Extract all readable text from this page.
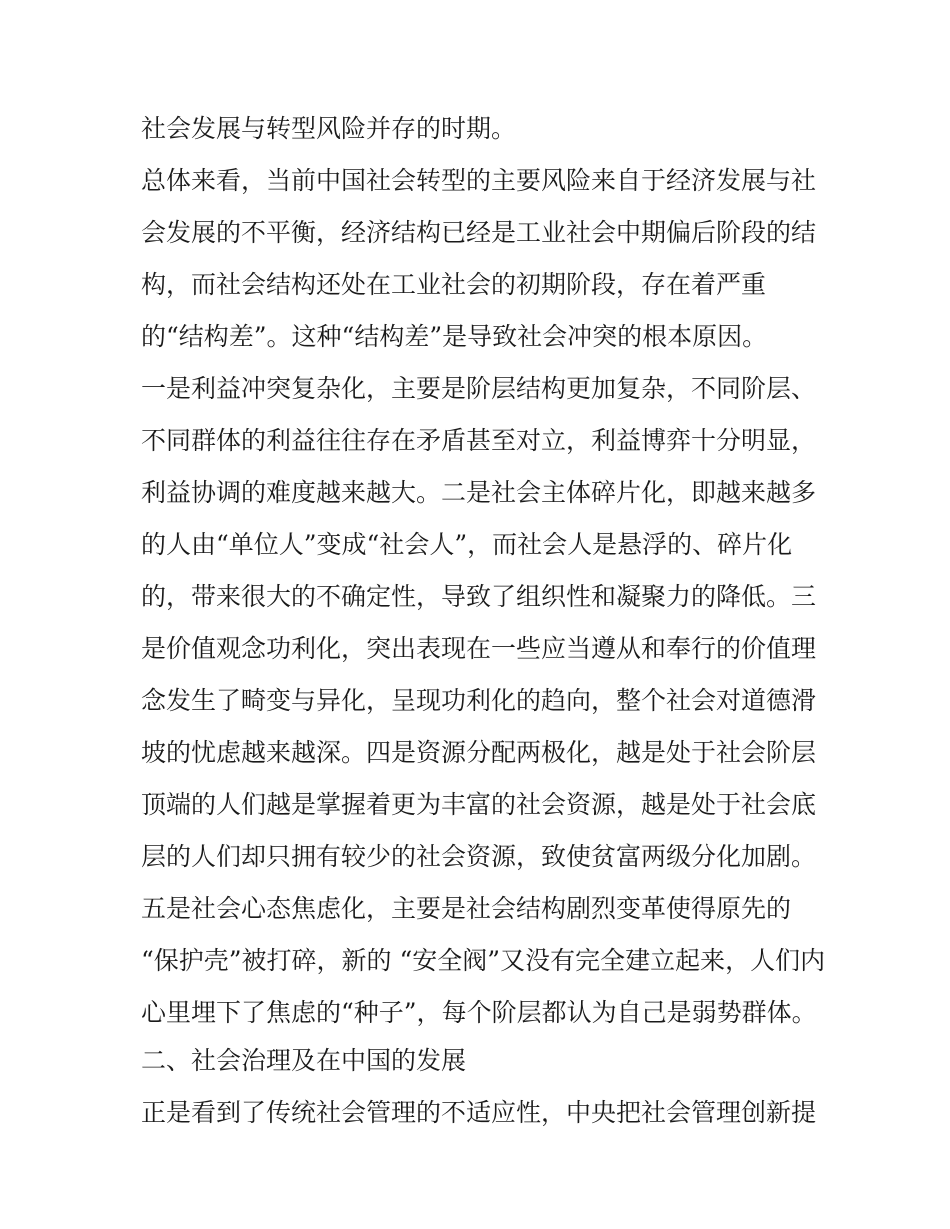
社会发展与转型风险并存的时期。
总体来看，当前中国社会转型的主要风险来自于经济发展与社
会发展的不平衡，经济结构已经是工业社会中期偏后阶段的结
构，而社会结构还处在工业社会的初期阶段，存在着严重
的“结构差”。这种“结构差”是导致社会冲突的根本原因。
一是利益冲突复杂化，主要是阶层结构更加复杂，不同阶层、
不同群体的利益往往存在矛盾甚至对立，利益博弈十分明显，
利益协调的难度越来越大。二是社会主体碎片化，即越来越多
的人由“单位人”变成“社会人”，而社会人是悬浮的、碎片化
的，带来很大的不确定性，导致了组织性和凝聚力的降低。三
是价值观念功利化，突出表现在一些应当遵从和奉行的价值理
念发生了畸变与异化，呈现功利化的趋向，整个社会对道德滑
坡的忧虑越来越深。四是资源分配两极化，越是处于社会阶层
顶端的人们越是掌握着更为丰富的社会资源，越是处于社会底
层的人们却只拥有较少的社会资源，致使贫富两级分化加剧。
五是社会心态焦虑化，主要是社会结构剧烈变革使得原先的
“保护壳”被打碎，新的 “安全阀”又没有完全建立起来，人们内
心里埋下了焦虑的“种子”，每个阶层都认为自己是弱势群体。
二、社会治理及在中国的发展
正是看到了传统社会管理的不适应性，中央把社会管理创新提
